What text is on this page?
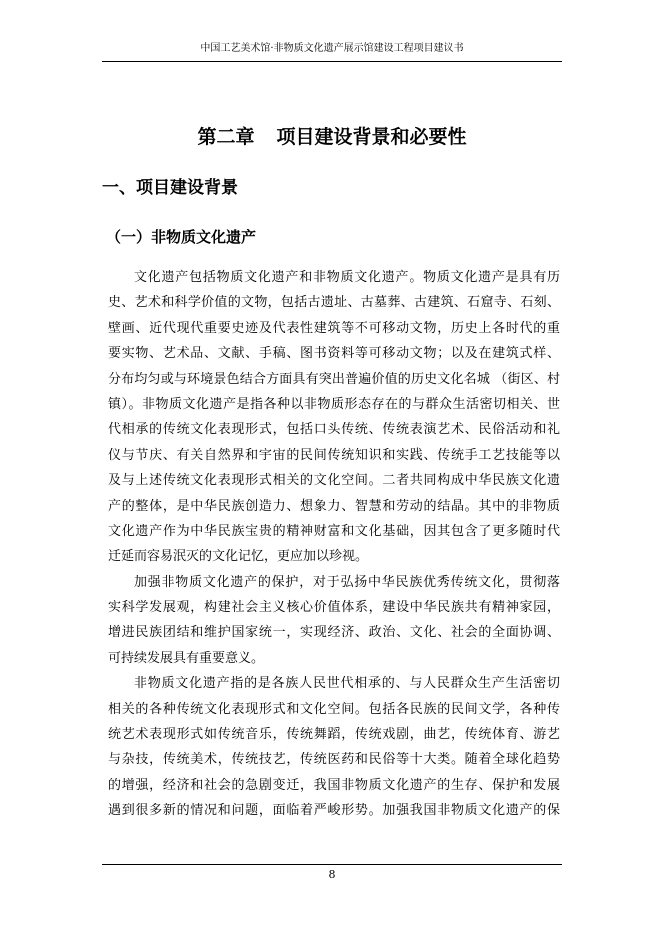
中国工艺美术馆·非物质文化遗产展示馆建设工程项目建议书
第二章 项目建设背景和必要性
一、项目建设背景
（一）非物质文化遗产
文化遗产包括物质文化遗产和非物质文化遗产。物质文化遗产是具有历
史、艺术和科学价值的文物，包括古遗址、古墓葬、古建筑、石窟寺、石刻、
壁画、近代现代重要史迹及代表性建筑等不可移动文物，历史上各时代的重
要实物、艺术品、文献、手稿、图书资料等可移动文物；以及在建筑式样、
分布均匀或与环境景色结合方面具有突出普遍价值的历史文化名城 （街区、村
镇）。非物质文化遗产是指各种以非物质形态存在的与群众生活密切相关、世
代相承的传统文化表现形式，包括口头传统、传统表演艺术、民俗活动和礼
仪与节庆、有关自然界和宇宙的民间传统知识和实践、传统手工艺技能等以
及与上述传统文化表现形式相关的文化空间。二者共同构成中华民族文化遗
产的整体，是中华民族创造力、想象力、智慧和劳动的结晶。其中的非物质
文化遗产作为中华民族宝贵的精神财富和文化基础，因其包含了更多随时代
迁延而容易泯灭的文化记忆，更应加以珍视。
加强非物质文化遗产的保护，对于弘扬中华民族优秀传统文化，贯彻落
实科学发展观，构建社会主义核心价值体系，建设中华民族共有精神家园，
增进民族团结和维护国家统一，实现经济、政治、文化、社会的全面协调、
可持续发展具有重要意义。
非物质文化遗产指的是各族人民世代相承的、与人民群众生产生活密切
相关的各种传统文化表现形式和文化空间。包括各民族的民间文学，各种传
统艺术表现形式如传统音乐，传统舞蹈，传统戏剧，曲艺，传统体育、游艺
与杂技，传统美术，传统技艺，传统医药和民俗等十大类。随着全球化趋势
的增强，经济和社会的急剧变迁，我国非物质文化遗产的生存、保护和发展
遇到很多新的情况和问题，面临着严峻形势。加强我国非物质文化遗产的保
8
